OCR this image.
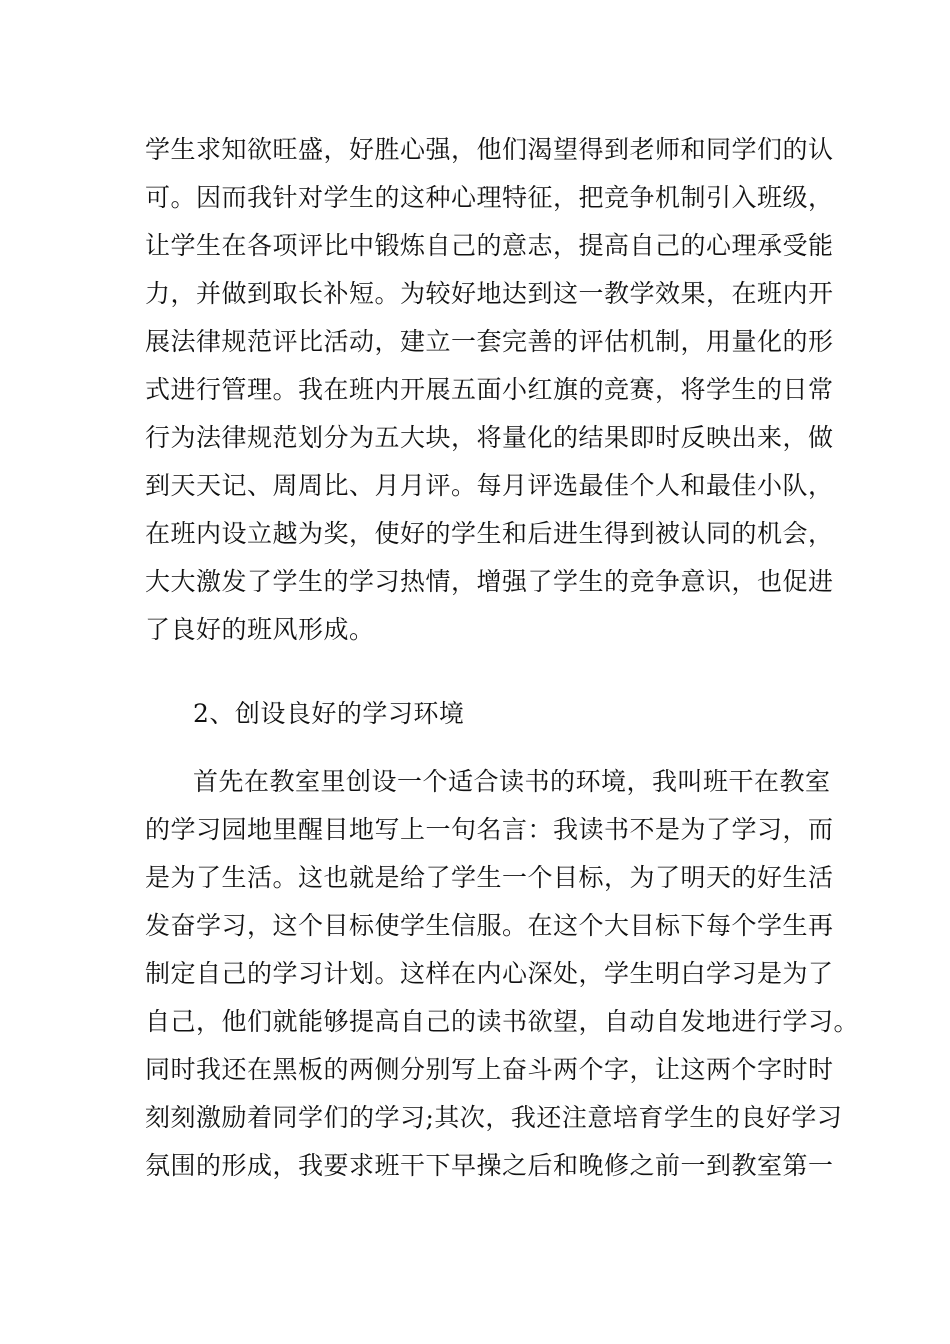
学生求知欲旺盛，好胜心强，他们渴望得到老师和同学们的认
可。因而我针对学生的这种心理特征，把竞争机制引入班级，
让学生在各项评比中锻炼自己的意志，提高自己的心理承受能
力，并做到取长补短。为较好地达到这一教学效果，在班内开
展法律规范评比活动，建立一套完善的评估机制，用量化的形
式进行管理。我在班内开展五面小红旗的竞赛，将学生的日常
行为法律规范划分为五大块，将量化的结果即时反映出来，做
到天天记、周周比、月月评。每月评选最佳个人和最佳小队，
在班内设立越为奖，使好的学生和后进生得到被认同的机会，
大大激发了学生的学习热情，增强了学生的竞争意识，也促进
了良好的班风形成。
2、创设良好的学习环境
首先在教室里创设一个适合读书的环境，我叫班干在教室
的学习园地里醒目地写上一句名言：我读书不是为了学习，而
是为了生活。这也就是给了学生一个目标，为了明天的好生活
发奋学习，这个目标使学生信服。在这个大目标下每个学生再
制定自己的学习计划。这样在内心深处，学生明白学习是为了
自己，他们就能够提高自己的读书欲望，自动自发地进行学习。
同时我还在黑板的两侧分别写上奋斗两个字，让这两个字时时
刻刻激励着同学们的学习;其次，我还注意培育学生的良好学习
氛围的形成，我要求班干下早操之后和晚修之前一到教室第一
